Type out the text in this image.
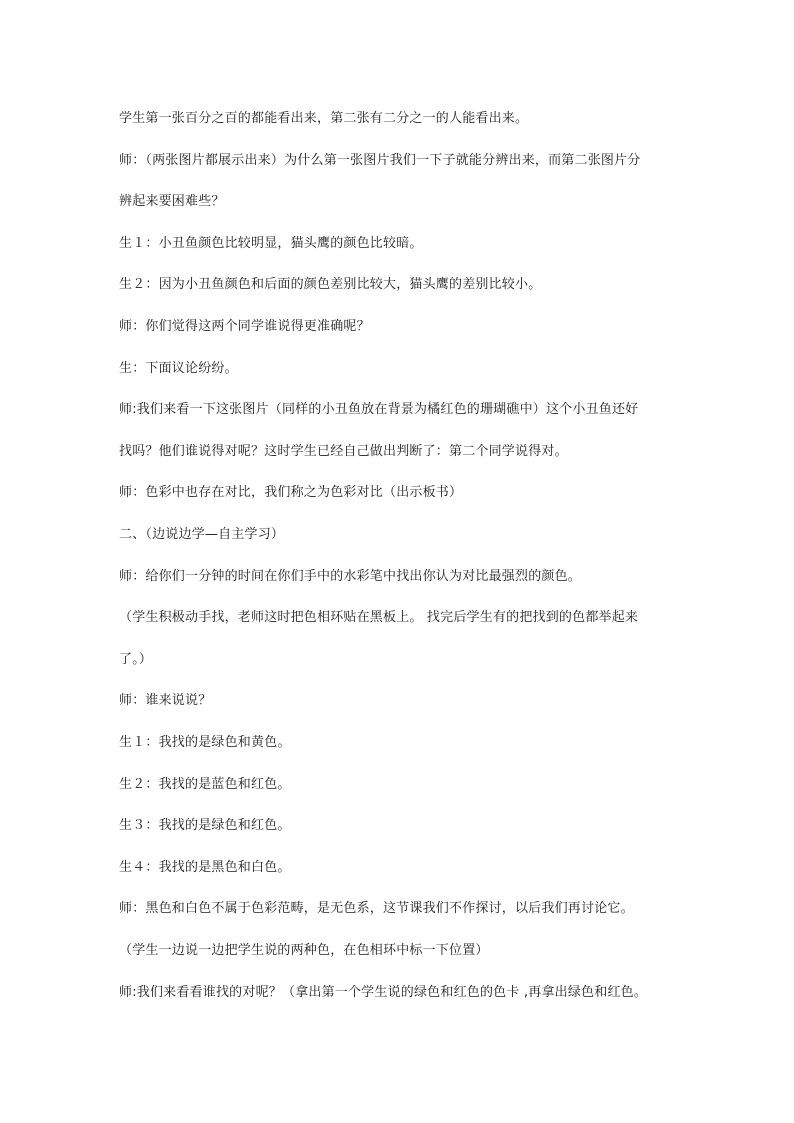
学生第一张百分之百的都能看出来，第二张有二分之一的人能看出来。

师：（两张图片都展示出来）为什么第一张图片我们一下子就能分辨出来，而第二张图片分

辨起来要困难些？

生１：小丑鱼颜色比较明显，猫头鹰的颜色比较暗。

生２：因为小丑鱼颜色和后面的颜色差别比较大，猫头鹰的差别比较小。

师：你们觉得这两个同学谁说得更准确呢？

生：下面议论纷纷。

师:我们来看一下这张图片（同样的小丑鱼放在背景为橘红色的珊瑚礁中）这个小丑鱼还好

找吗？他们谁说得对呢？这时学生已经自己做出判断了：第二个同学说得对。

师：色彩中也存在对比，我们称之为色彩对比（出示板书）

二、（边说边学—自主学习）

师：给你们一分钟的时间在你们手中的水彩笔中找出你认为对比最强烈的颜色。

（学生积极动手找，老师这时把色相环贴在黑板上。 找完后学生有的把找到的色都举起来

了。）

师：谁来说说？

生１：我找的是绿色和黄色。

生２：我找的是蓝色和红色。

生３：我找的是绿色和红色。

生４：我找的是黑色和白色。

师：黑色和白色不属于色彩范畴，是无色系，这节课我们不作探讨，以后我们再讨论它。

（学生一边说一边把学生说的两种色，在色相环中标一下位置）

师:我们来看看谁找的对呢？（拿出第一个学生说的绿色和红色的色卡 ,再拿出绿色和红色。
